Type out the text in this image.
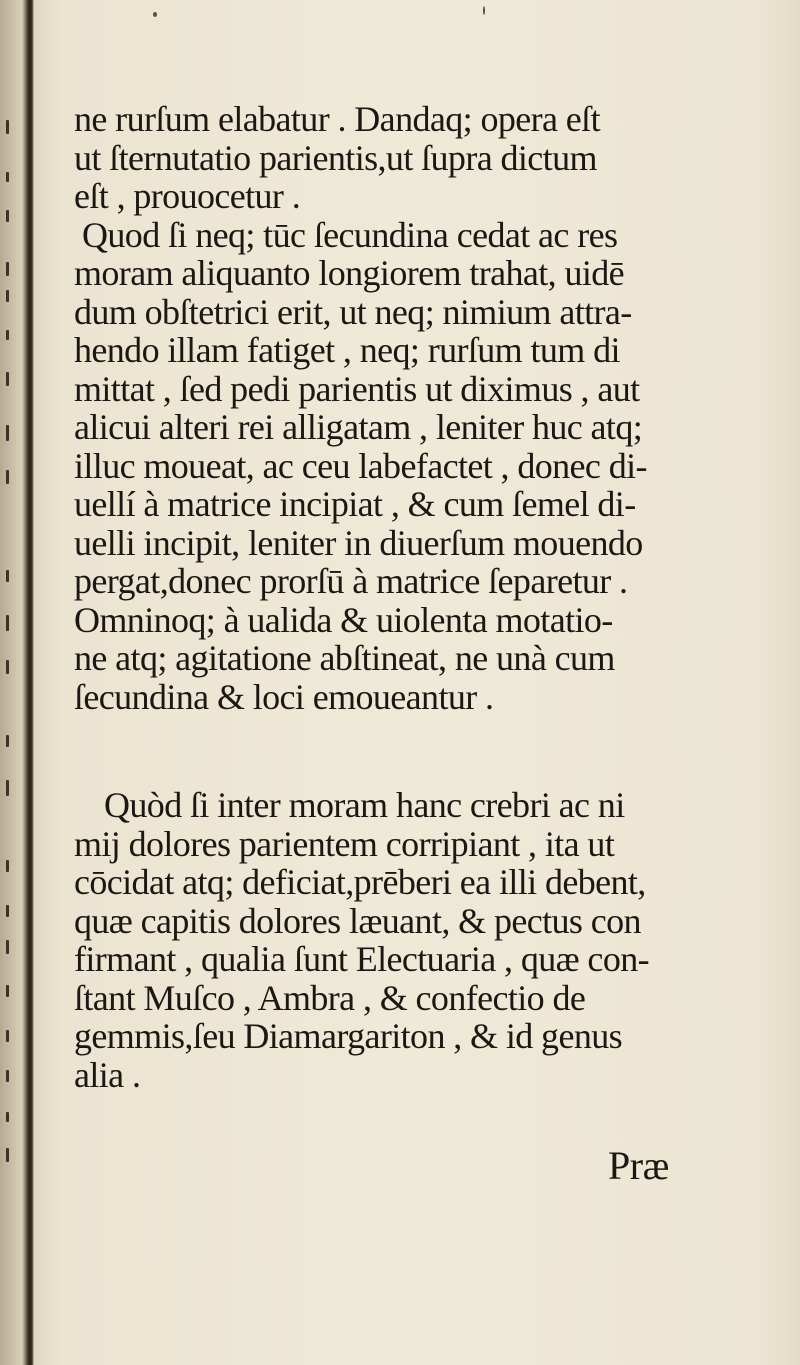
ne rurſum elabatur . Dandaq; opera eſt
ut ſternutatio parientis,ut ſupra dictum
eſt , prouocetur .
Quod ſi neq; tūc ſecundina cedat ac res
moram aliquanto longiorem trahat, uidē
dum obſtetrici erit, ut neq; nimium attra-
hendo illam fatiget , neq; rurſum tum di
mittat , ſed pedi parientis ut diximus , aut
alicui alteri rei alligatam , leniter huc atq;
illuc moueat, ac ceu labefactet , donec di-
uellí à matrice incipiat , & cum ſemel di-
uelli incipit, leniter in diuerſum mouendo
pergat,donec prorſū à matrice ſeparetur .
Omninoq; à ualida & uiolenta motatio-
ne atq; agitatione abſtineat, ne unà cum
ſecundina & loci emoueantur .
Quòd ſi inter moram hanc crebri ac ni
mij dolores parientem corripiant , ita ut
cōcidat atq; deficiat,prēberi ea illi debent,
quæ capitis dolores læuant, & pectus con
firmant , qualia ſunt Electuaria , quæ con-
ſtant Muſco , Ambra , & confectio de
gemmis,ſeu Diamargariton , & id genus
alia .
Præ
